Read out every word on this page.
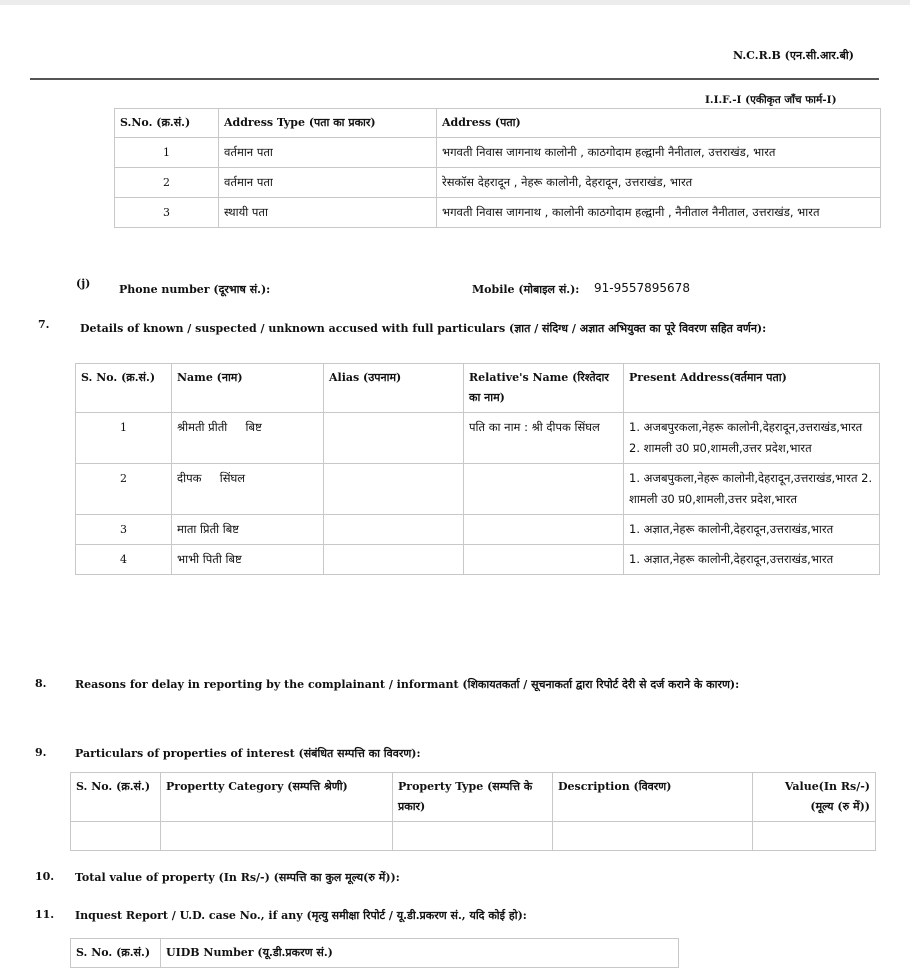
N.C.R.B (एन.सी.आर.बी)
I.I.F.-I (एकीकृत जाँच फार्म-I)
S.No. (क्र.सं.)	Address Type (पता का प्रकार)	Address (पता)
1	वर्तमान पता	भगवती निवास जागनाथ कालोनी , काठगोदाम हल्द्वानी नैनीताल, उत्तराखंड, भारत
2	वर्तमान पता	रेसकॉस देहरादून , नेहरू कालोनी, देहरादून, उत्तराखंड, भारत
3	स्थायी पता	भगवती निवास जागनाथ , कालोनी काठगोदाम हल्द्वानी , नैनीताल नैनीताल, उत्तराखंड, भारत
(j)	Phone number (दूरभाष सं.):	Mobile (मोबाइल सं.): 91-9557895678
7.	Details of known / suspected / unknown accused with full particulars (ज्ञात / संदिग्ध / अज्ञात अभियुक्त का पूरे विवरण सहित वर्णन):
S. No. (क्र.सं.)	Name (नाम)	Alias (उपनाम)	Relative's Name (रिश्तेदार का नाम)	Present Address(वर्तमान पता)
1	श्रीमती प्रीती     बिष्ट		पति का नाम : श्री दीपक सिंघल	1. अजबपुरकला,नेहरू कालोनी,देहरादून,उत्तराखंड,भारत 2. शामली उ0 प्र0,शामली,उत्तर प्रदेश,भारत
2	दीपक     सिंघल			1. अजबपुकला,नेहरू कालोनी,देहरादून,उत्तराखंड,भारत 2. शामली उ0 प्र0,शामली,उत्तर प्रदेश,भारत
3	माता प्रिती बिष्ट			1. अज्ञात,नेहरू कालोनी,देहरादून,उत्तराखंड,भारत
4	भाभी पिती बिष्ट			1. अज्ञात,नेहरू कालोनी,देहरादून,उत्तराखंड,भारत
8.	Reasons for delay in reporting by the complainant / informant (शिकायतकर्ता / सूचनाकर्ता द्वारा रिपोर्ट देरी से दर्ज कराने के कारण):
9.	Particulars of properties of interest (संबंधित सम्पत्ति का विवरण):
S. No. (क्र.सं.)	Propertty Category (सम्पत्ति श्रेणी)	Property Type (सम्पत्ति के प्रकार)	Description (विवरण)	Value(In Rs/-) (मूल्य (रु में))

10. Total value of property (In Rs/-) (सम्पत्ति का कुल मूल्य(रु में)):
11. Inquest Report / U.D. case No., if any (मृत्यु समीक्षा रिपोर्ट / यू.डी.प्रकरण सं., यदि कोई हो):
S. No. (क्र.सं.)	UIDB Number (यू.डी.प्रकरण सं.)
